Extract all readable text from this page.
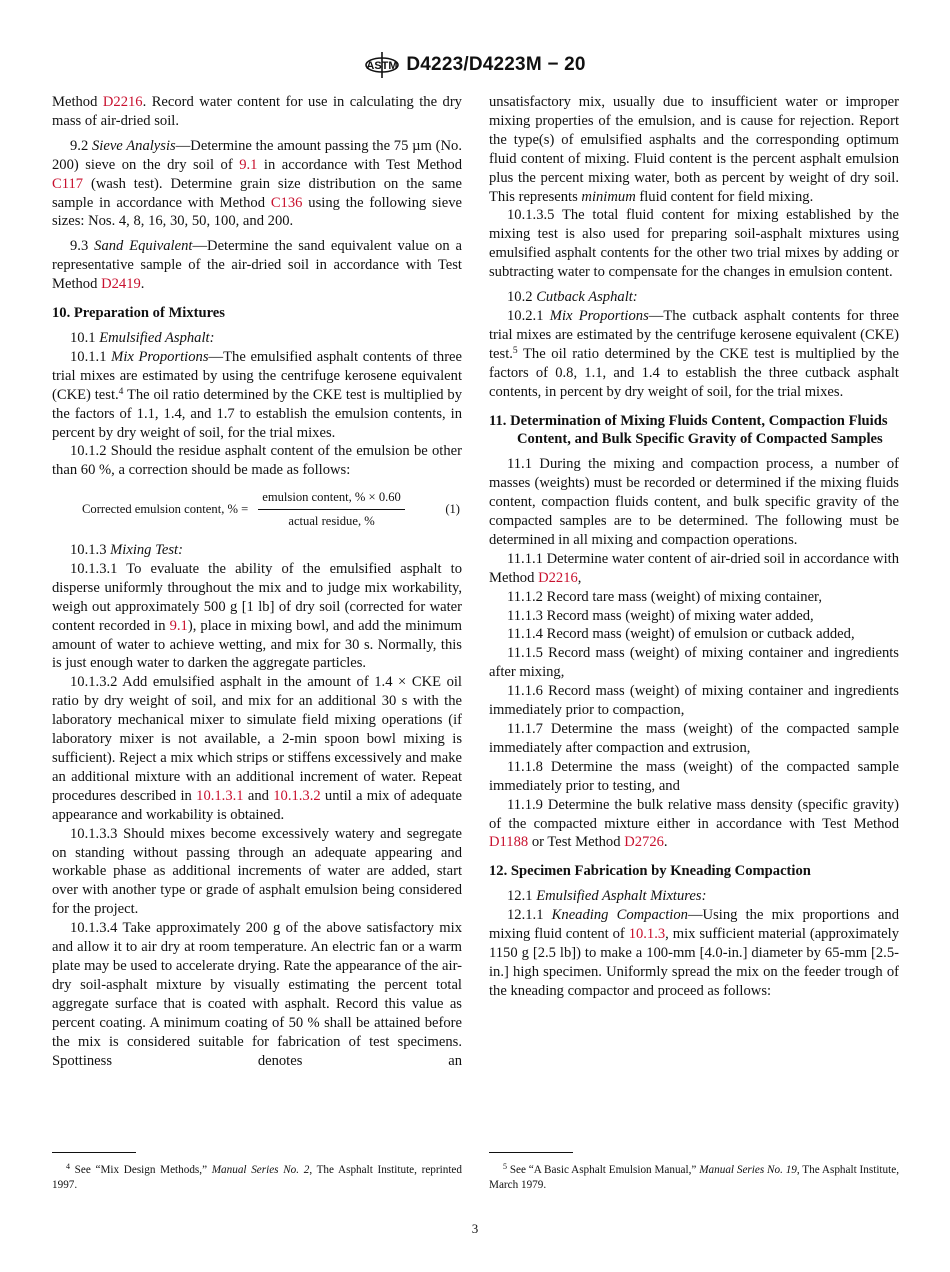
ASTM D4223/D4223M − 20
Method D2216. Record water content for use in calculating the dry mass of air-dried soil.
9.2 Sieve Analysis—Determine the amount passing the 75 µm (No. 200) sieve on the dry soil of 9.1 in accordance with Test Method C117 (wash test). Determine grain size distribution on the same sample in accordance with Method C136 using the following sieve sizes: Nos. 4, 8, 16, 30, 50, 100, and 200.
9.3 Sand Equivalent—Determine the sand equivalent value on a representative sample of the air-dried soil in accordance with Test Method D2419.
10. Preparation of Mixtures
10.1 Emulsified Asphalt:
10.1.1 Mix Proportions—The emulsified asphalt contents of three trial mixes are estimated by using the centrifuge kerosene equivalent (CKE) test.$^4$ The oil ratio determined by the CKE test is multiplied by the factors of 1.1, 1.4, and 1.7 to establish the emulsion contents, in percent by dry weight of soil, for the trial mixes.
10.1.2 Should the residue asphalt content of the emulsion be other than 60 %, a correction should be made as follows:
Corrected emulsion content, % = $\frac{\text{emulsion content, \% × 0.60}}{\text{actual residue, \%}}$	(1)
10.1.3 Mixing Test:
10.1.3.1 To evaluate the ability of the emulsified asphalt to disperse uniformly throughout the mix and to judge mix workability, weigh out approximately 500 g [1 lb] of dry soil (corrected for water content recorded in 9.1), place in mixing bowl, and add the minimum amount of water to achieve wetting, and mix for 30 s. Normally, this is just enough water to darken the aggregate particles.
10.1.3.2 Add emulsified asphalt in the amount of 1.4 × CKE oil ratio by dry weight of soil, and mix for an additional 30 s with the laboratory mechanical mixer to simulate field mixing operations (if laboratory mixer is not available, a 2-min spoon bowl mixing is sufficient). Reject a mix which strips or stiffens excessively and make an additional mixture with an additional increment of water. Repeat procedures described in 10.1.3.1 and 10.1.3.2 until a mix of adequate appearance and workability is obtained.
10.1.3.3 Should mixes become excessively watery and segregate on standing without passing through an adequate appearing and workable phase as additional increments of water are added, start over with another type or grade of asphalt emulsion being considered for the project.
10.1.3.4 Take approximately 200 g of the above satisfactory mix and allow it to air dry at room temperature. An electric fan or a warm plate may be used to accelerate drying. Rate the appearance of the air-dry soil-asphalt mixture by visually estimating the percent total aggregate surface that is coated with asphalt. Record this value as percent coating. A minimum coating of 50 % shall be attained before the mix is considered suitable for fabrication of test specimens. Spottiness denotes an
unsatisfactory mix, usually due to insufficient water or improper mixing properties of the emulsion, and is cause for rejection. Report the type(s) of emulsified asphalts and the corresponding optimum fluid content of mixing. Fluid content is the percent asphalt emulsion plus the percent mixing water, both as percent by weight of dry soil. This represents minimum fluid content for field mixing.
10.1.3.5 The total fluid content for mixing established by the mixing test is also used for preparing soil-asphalt mixtures using emulsified asphalt contents for the other two trial mixes by adding or subtracting water to compensate for the changes in emulsion content.
10.2 Cutback Asphalt:
10.2.1 Mix Proportions—The cutback asphalt contents for three trial mixes are estimated by the centrifuge kerosene equivalent (CKE) test.$^5$ The oil ratio determined by the CKE test is multiplied by the factors of 0.8, 1.1, and 1.4 to establish the three cutback asphalt contents, in percent by dry weight of soil, for the trial mixes.
11. Determination of Mixing Fluids Content, Compaction Fluids Content, and Bulk Specific Gravity of Compacted Samples
11.1 During the mixing and compaction process, a number of masses (weights) must be recorded or determined if the mixing fluids content, compaction fluids content, and bulk specific gravity of the compacted samples are to be determined. The following must be determined in all mixing and compaction operations.
11.1.1 Determine water content of air-dried soil in accordance with Method D2216,
11.1.2 Record tare mass (weight) of mixing container,
11.1.3 Record mass (weight) of mixing water added,
11.1.4 Record mass (weight) of emulsion or cutback added,
11.1.5 Record mass (weight) of mixing container and ingredients after mixing,
11.1.6 Record mass (weight) of mixing container and ingredients immediately prior to compaction,
11.1.7 Determine the mass (weight) of the compacted sample immediately after compaction and extrusion,
11.1.8 Determine the mass (weight) of the compacted sample immediately prior to testing, and
11.1.9 Determine the bulk relative mass density (specific gravity) of the compacted mixture either in accordance with Test Method D1188 or Test Method D2726.
12. Specimen Fabrication by Kneading Compaction
12.1 Emulsified Asphalt Mixtures:
12.1.1 Kneading Compaction—Using the mix proportions and mixing fluid content of 10.1.3, mix sufficient material (approximately 1150 g [2.5 lb]) to make a 100-mm [4.0-in.] diameter by 65-mm [2.5-in.] high specimen. Uniformly spread the mix on the feeder trough of the kneading compactor and proceed as follows:
$^4$ See “Mix Design Methods,” Manual Series No. 2, The Asphalt Institute, reprinted 1997.
$^5$ See “A Basic Asphalt Emulsion Manual,” Manual Series No. 19, The Asphalt Institute, March 1979.
3
